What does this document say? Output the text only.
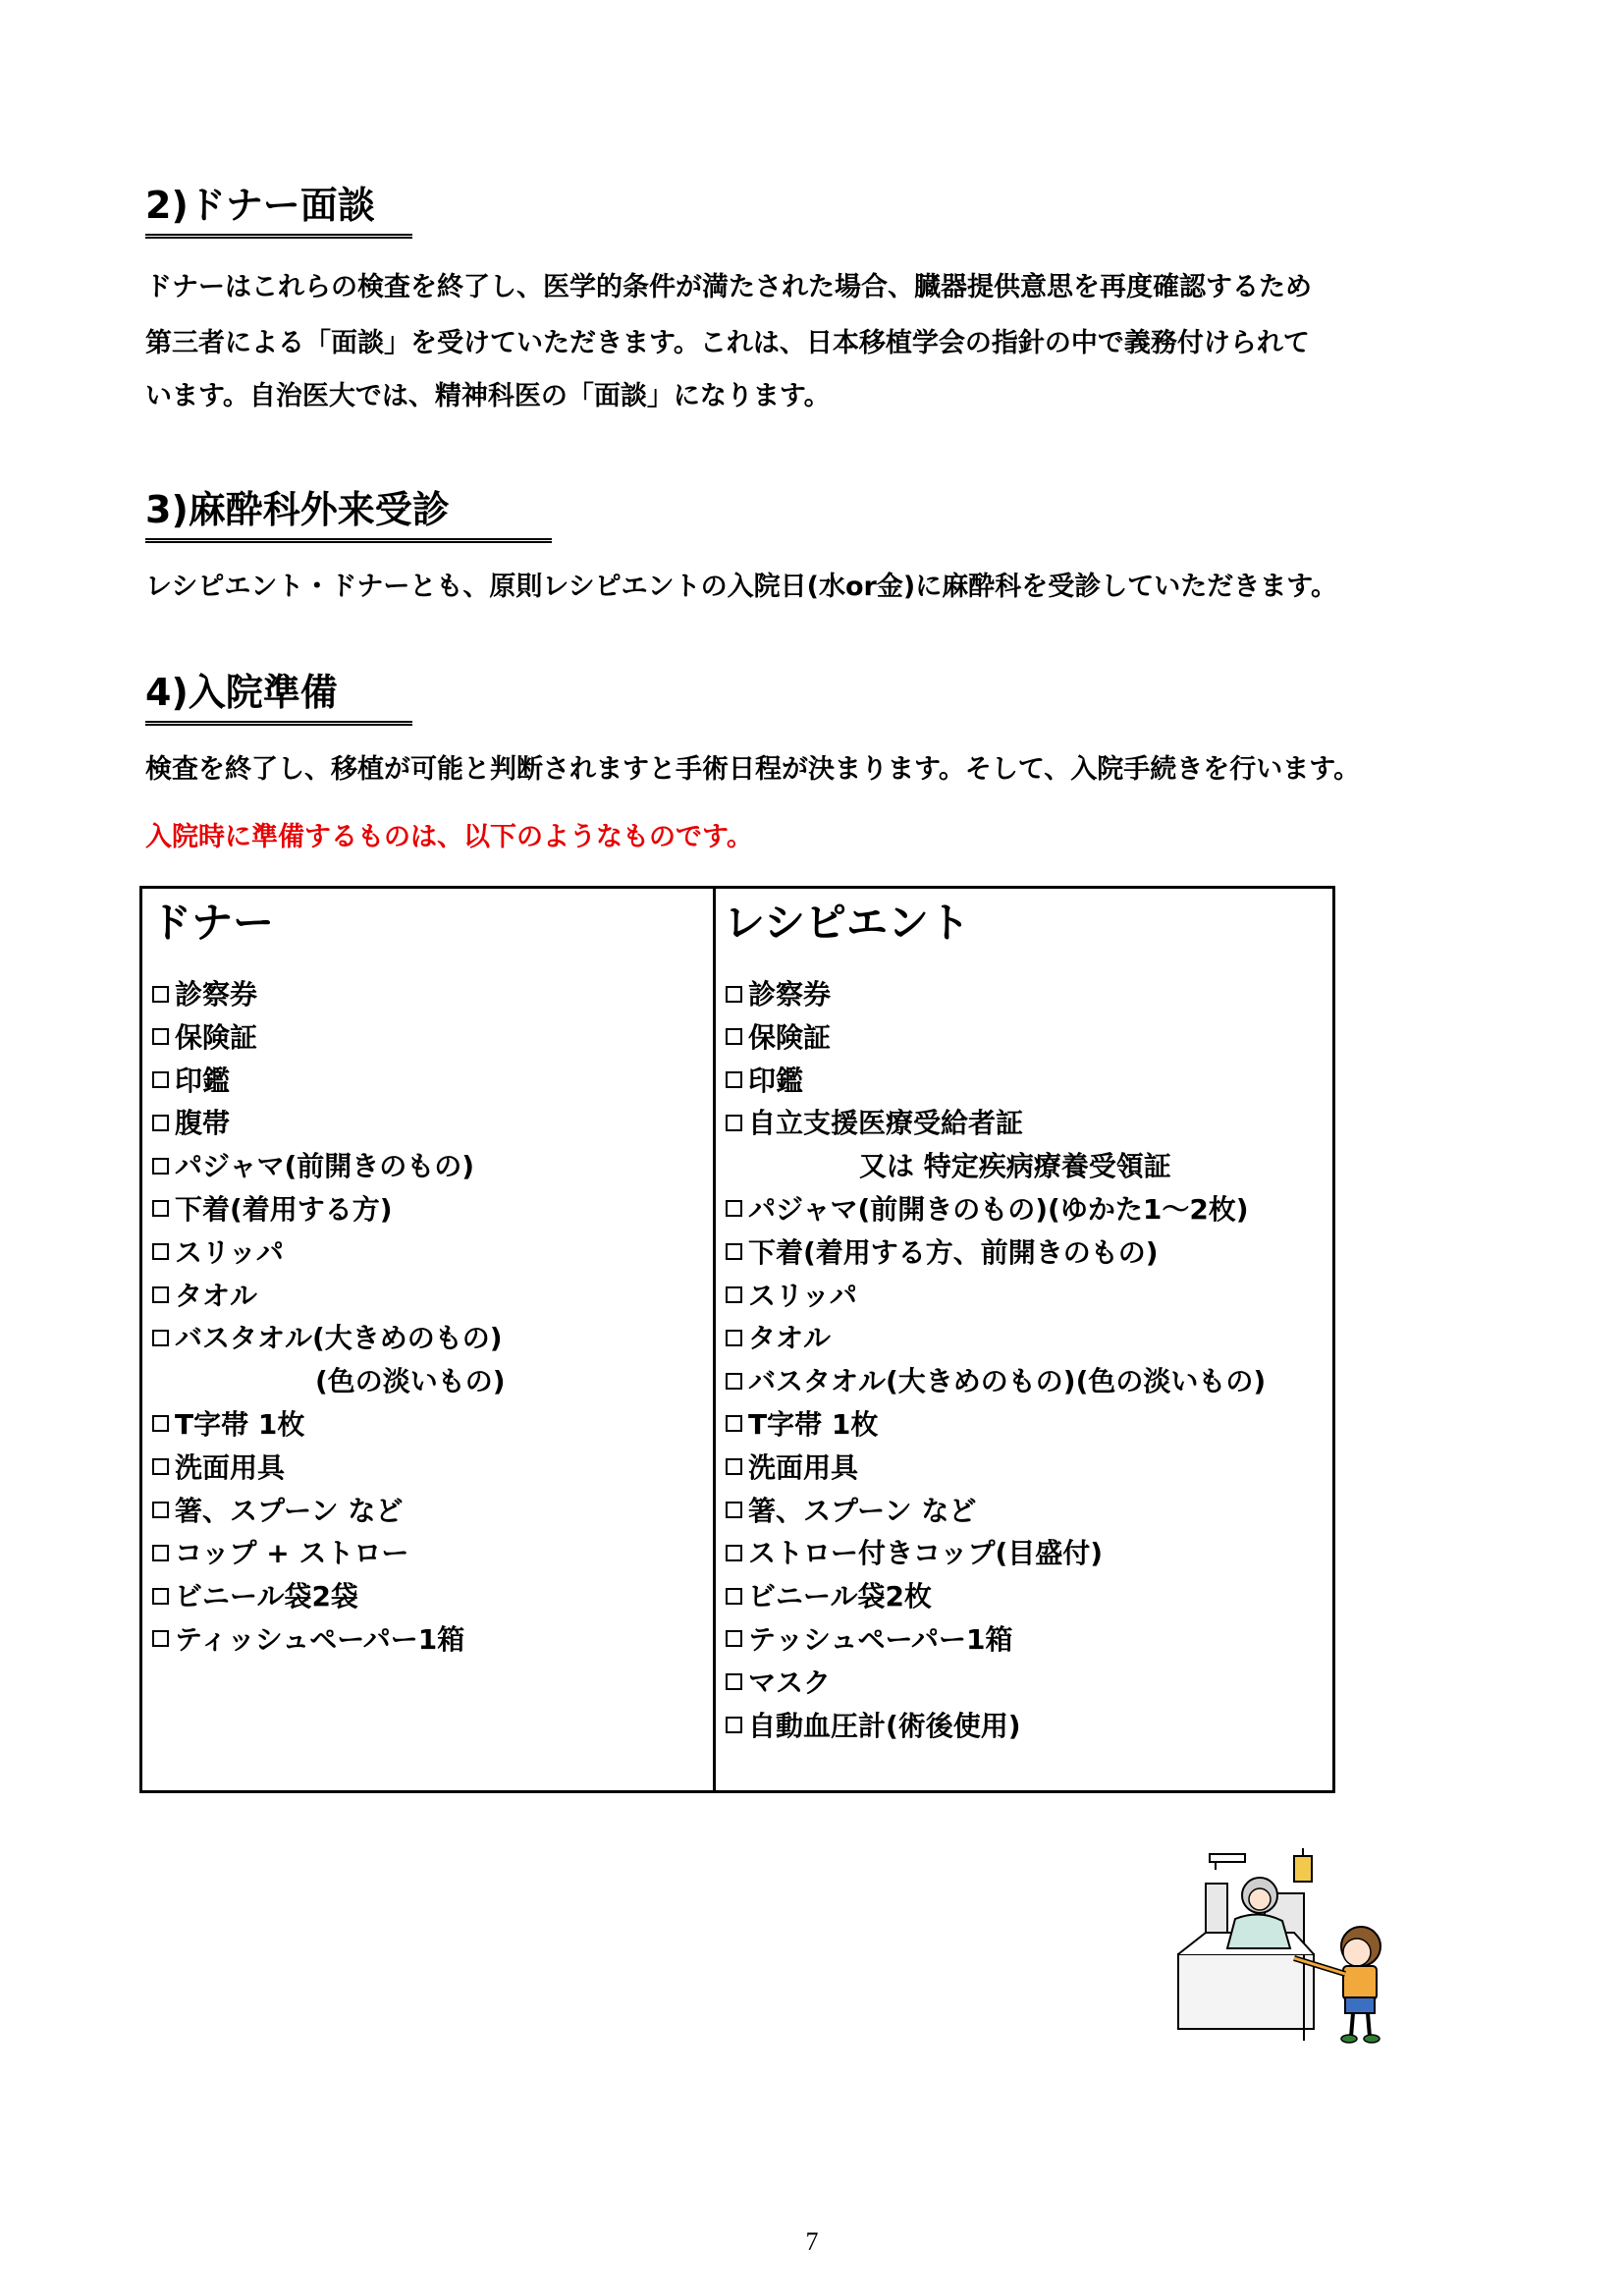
2)ドナー面談
ドナーはこれらの検査を終了し、医学的条件が満たされた場合、臓器提供意思を再度確認するため
第三者による「面談」を受けていただきます。これは、日本移植学会の指針の中で義務付けられて
います。自治医大では、精神科医の「面談」になります。
3)麻酔科外来受診
レシピエント・ドナーとも、原則レシピエントの入院日(水or金)に麻酔科を受診していただきます。
4)入院準備
検査を終了し、移植が可能と判断されますと手術日程が決まります。そして、入院手続きを行います。
入院時に準備するものは、以下のようなものです。
ドナー
診察券
保険証
印鑑
腹帯
パジャマ(前開きのもの)
下着(着用する方)
スリッパ
タオル
バスタオル(大きめのもの)
(色の淡いもの)
T字帯 1枚
洗面用具
箸、スプーン など
コップ + ストロー
ビニール袋2袋
ティッシュペーパー1箱
レシピエント
診察券
保険証
印鑑
自立支援医療受給者証
又は 特定疾病療養受領証
パジャマ(前開きのもの)(ゆかた1～2枚)
下着(着用する方、前開きのもの)
スリッパ
タオル
バスタオル(大きめのもの)(色の淡いもの)
T字帯 1枚
洗面用具
箸、スプーン など
ストロー付きコップ(目盛付)
ビニール袋2枚
テッシュペーパー1箱
マスク
自動血圧計(術後使用)
7
